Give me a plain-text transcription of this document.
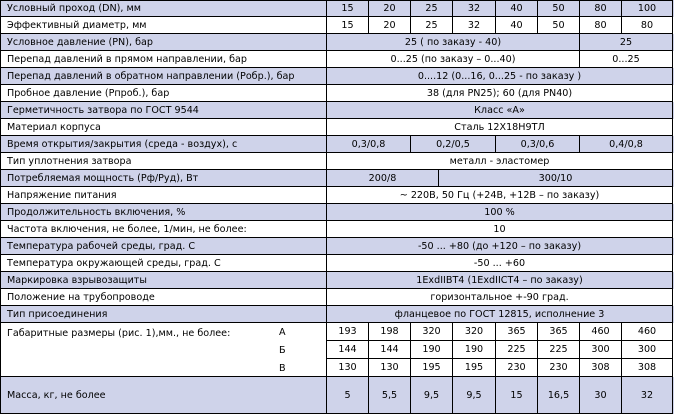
Условный проход (DN), мм	15	20	25	32	40	50	80	100
Эффективный диаметр, мм	15	20	25	32	40	50	80	80
Условное давление (PN), бар	25 ( по заказу - 40)	25
Перепад давлений в прямом направлении, бар	0...25 (по заказу – 0...40)	0...25
Перепад давлений в обратном направлении (Pобр.), бар	0....12 (0...16, 0...25 - по заказу )
Пробное давление (Pпроб.), бар	38 (для PN25); 60 (для PN40)
Герметичность затвора по ГОСТ 9544	Класс «А»
Материал корпуса	Сталь 12Х18Н9ТЛ
Время открытия/закрытия (среда - воздух), с	0,3/0,8	0,2/0,5	0,3/0,6	0,4/0,8
Тип уплотнения затвора	металл - эластомер
Потребляемая мощность (Рф/Руд), Вт	200/8	300/10
Напряжение питания	~ 220В, 50 Гц (+24В, +12В – по заказу)
Продолжительность включения, %	100 %
Частота включения, не более, 1/мин, не более:	10
Температура рабочей среды, град. С	-50 ... +80 (до +120 – по заказу)
Температура окружающей среды, град. С	-50 ... +60
Маркировка взрывозащиты	1ExdIIBT4 (1ExdIICT4 – по заказу)
Положение на трубопроводе	горизонтальное +-90 град.
Тип присоединения	фланцевое по ГОСТ 12815, исполнение 3
Габаритные размеры (рис. 1),мм., не более:	А	193	198	320	320	365	365	460	460
Б	144	144	190	190	225	225	300	300
В	130	130	195	195	230	230	308	308
Масса, кг, не более	5	5,5	9,5	9,5	15	16,5	30	32
